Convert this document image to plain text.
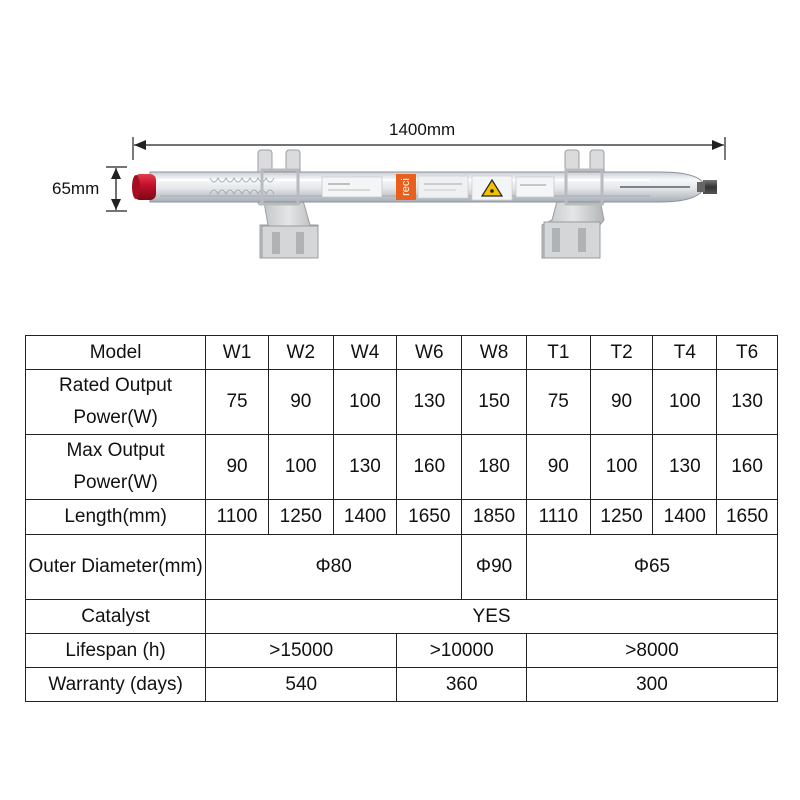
reci
1400mm
65mm
Model	W1	W2	W4	W6	W8	T1	T2	T4	T6
Rated Output Power(W)	75	90	100	130	150	75	90	100	130
Max Output Power(W)	90	100	130	160	180	90	100	130	160
Length(mm)	1100	1250	1400	1650	1850	1110	1250	1400	1650
Outer Diameter(mm)	Φ80				Φ90	Φ65			
Catalyst	YES								
Lifespan (h)	>15000			>10000		>8000			
Warranty (days)	540			360		300			
